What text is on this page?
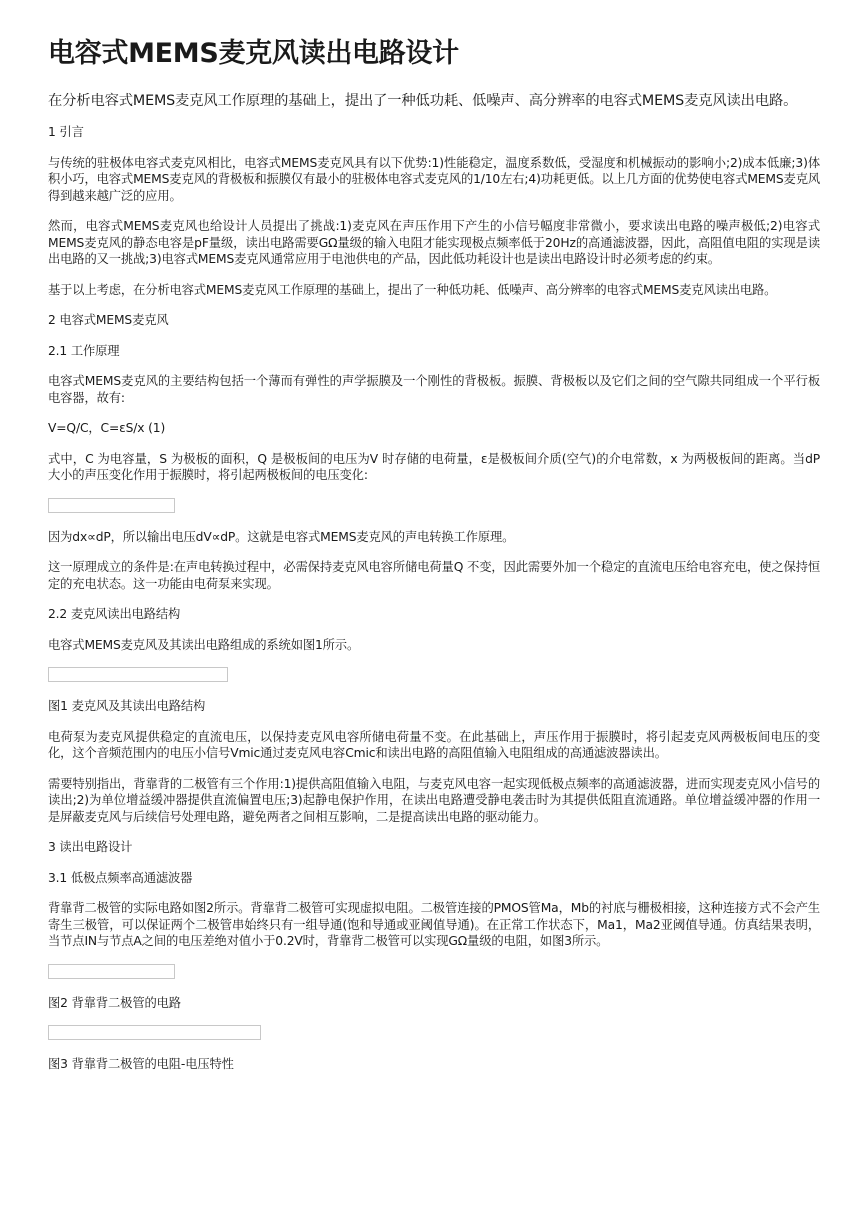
电容式MEMS麦克风读出电路设计

在分析电容式MEMS麦克风工作原理的基础上，提出了一种低功耗、低噪声、高分辨率的电容式MEMS麦克风读出电路。

1 引言

与传统的驻极体电容式麦克风相比，电容式MEMS麦克风具有以下优势:1)性能稳定，温度系数低，受湿度和机械振动的影响小;2)成本低廉;3)体积小巧，电容式MEMS麦克风的背极板和振膜仅有最小的驻极体电容式麦克风的1/10左右;4)功耗更低。以上几方面的优势使电容式MEMS麦克风得到越来越广泛的应用。

然而，电容式MEMS麦克风也给设计人员提出了挑战:1)麦克风在声压作用下产生的小信号幅度非常微小，要求读出电路的噪声极低;2)电容式MEMS麦克风的静态电容是pF量级，读出电路需要GΩ量级的输入电阻才能实现极点频率低于20Hz的高通滤波器，因此，高阻值电阻的实现是读出电路的又一挑战;3)电容式MEMS麦克风通常应用于电池供电的产品，因此低功耗设计也是读出电路设计时必须考虑的约束。

基于以上考虑，在分析电容式MEMS麦克风工作原理的基础上，提出了一种低功耗、低噪声、高分辨率的电容式MEMS麦克风读出电路。

2 电容式MEMS麦克风

2.1 工作原理

电容式MEMS麦克风的主要结构包括一个薄而有弹性的声学振膜及一个刚性的背极板。振膜、背极板以及它们之间的空气隙共同组成一个平行板电容器，故有:

V=Q/C，C=εS/x (1)

式中，C 为电容量，S 为极板的面积，Q 是极板间的电压为V 时存储的电荷量，ε是极板间介质(空气)的介电常数，x 为两极板间的距离。当dP 大小的声压变化作用于振膜时，将引起两极板间的电压变化:

因为dx∝dP，所以输出电压dV∝dP。这就是电容式MEMS麦克风的声电转换工作原理。

这一原理成立的条件是:在声电转换过程中，必需保持麦克风电容所储电荷量Q 不变，因此需要外加一个稳定的直流电压给电容充电，使之保持恒定的充电状态。这一功能由电荷泵来实现。

2.2 麦克风读出电路结构

电容式MEMS麦克风及其读出电路组成的系统如图1所示。

图1 麦克风及其读出电路结构

电荷泵为麦克风提供稳定的直流电压，以保持麦克风电容所储电荷量不变。在此基础上，声压作用于振膜时，将引起麦克风两极板间电压的变化，这个音频范围内的电压小信号Vmic通过麦克风电容Cmic和读出电路的高阻值输入电阻组成的高通滤波器读出。

需要特别指出，背靠背的二极管有三个作用:1)提供高阻值输入电阻，与麦克风电容一起实现低极点频率的高通滤波器，进而实现麦克风小信号的读出;2)为单位增益缓冲器提供直流偏置电压;3)起静电保护作用，在读出电路遭受静电袭击时为其提供低阻直流通路。单位增益缓冲器的作用一是屏蔽麦克风与后续信号处理电路，避免两者之间相互影响，二是提高读出电路的驱动能力。

3 读出电路设计

3.1 低极点频率高通滤波器

背靠背二极管的实际电路如图2所示。背靠背二极管可实现虚拟电阻。二极管连接的PMOS管Ma，Mb的衬底与栅极相接，这种连接方式不会产生寄生三极管，可以保证两个二极管串始终只有一组导通(饱和导通或亚阈值导通)。在正常工作状态下，Ma1，Ma2亚阈值导通。仿真结果表明，当节点IN与节点A之间的电压差绝对值小于0.2V时，背靠背二极管可以实现GΩ量级的电阻，如图3所示。

图2 背靠背二极管的电路

图3 背靠背二极管的电阻-电压特性
